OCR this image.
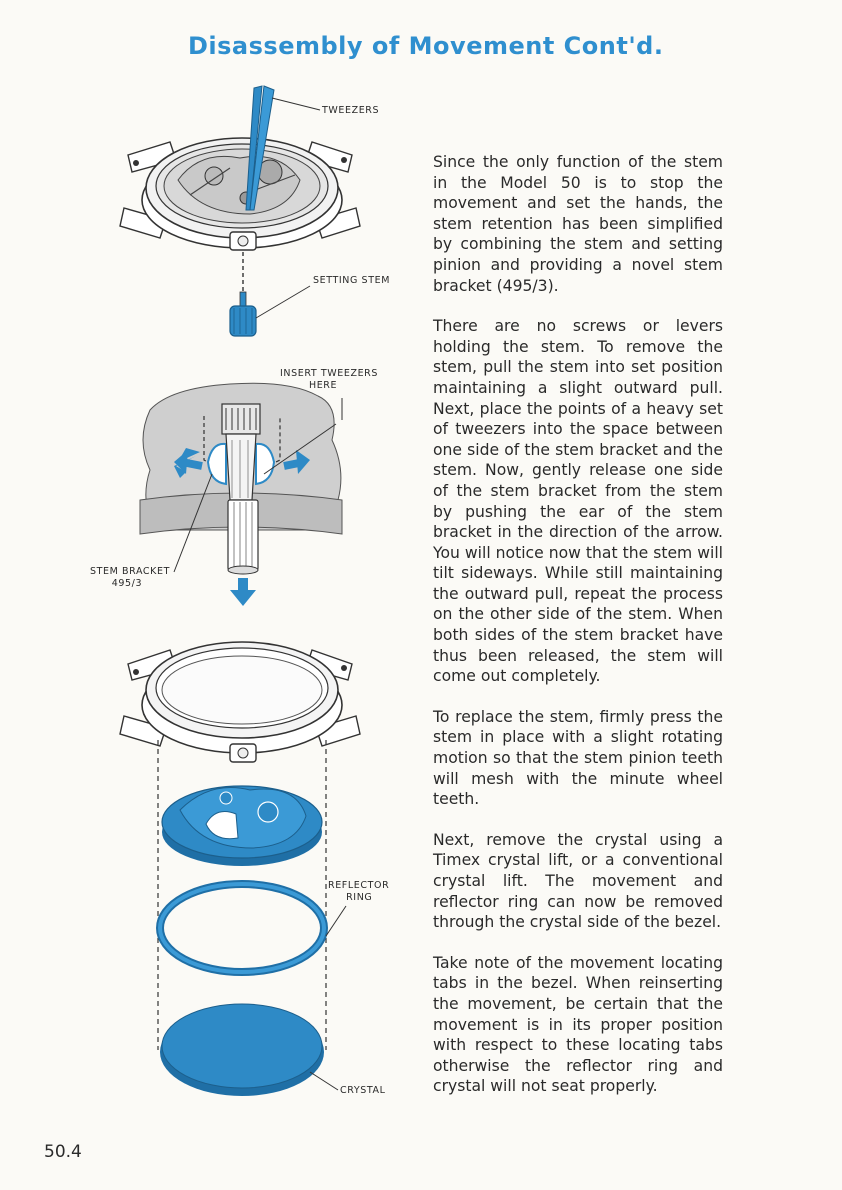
Disassembly of Movement Cont'd.
TWEEZERS
SETTING STEM
INSERT TWEEZERS
HERE
STEM BRACKET
495/3
REFLECTOR
RING
CRYSTAL

Since the only function of the stem in the Model 50 is to stop the movement and set the hands, the stem retention has been simplified by combining the stem and setting pinion and providing a novel stem bracket (495/3).

There are no screws or levers holding the stem. To remove the stem, pull the stem into set position maintaining a slight outward pull. Next, place the points of a heavy set of tweezers into the space between one side of the stem bracket and the stem. Now, gently release one side of the stem bracket from the stem by pushing the ear of the stem bracket in the direction of the arrow. You will notice now that the stem will tilt sideways. While still maintaining the outward pull, repeat the process on the other side of the stem. When both sides of the stem bracket have thus been released, the stem will come out completely.

To replace the stem, firmly press the stem in place with a slight rotating motion so that the stem pinion teeth will mesh with the minute wheel teeth.

Next, remove the crystal using a Timex crystal lift, or a conventional crystal lift. The movement and reflector ring can now be removed through the crystal side of the bezel.

Take note of the movement locating tabs in the bezel. When reinserting the movement, be certain that the movement is in its proper position with respect to these locating tabs otherwise the reflector ring and crystal will not seat properly.

50.4
